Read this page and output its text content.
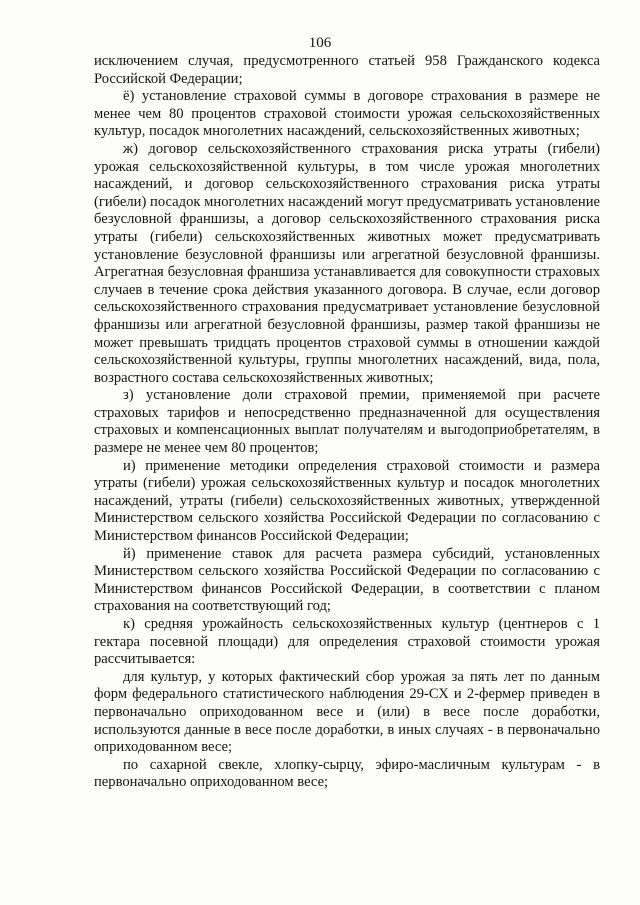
106

исключением случая, предусмотренного статьей 958 Гражданского кодекса Российской Федерации;

ё) установление страховой суммы в договоре страхования в размере не менее чем 80 процентов страховой стоимости урожая сельскохозяйственных культур, посадок многолетних насаждений, сельскохозяйственных животных;

ж) договор сельскохозяйственного страхования риска утраты (гибели) урожая сельскохозяйственной культуры, в том числе урожая многолетних насаждений, и договор сельскохозяйственного страхования риска утраты (гибели) посадок многолетних насаждений могут предусматривать установление безусловной франшизы, а договор сельскохозяйственного страхования риска утраты (гибели) сельскохозяйственных животных может предусматривать установление безусловной франшизы или агрегатной безусловной франшизы. Агрегатная безусловная франшиза устанавливается для совокупности страховых случаев в течение срока действия указанного договора. В случае, если договор сельскохозяйственного страхования предусматривает установление безусловной франшизы или агрегатной безусловной франшизы, размер такой франшизы не может превышать тридцать процентов страховой суммы в отношении каждой сельскохозяйственной культуры, группы многолетних насаждений, вида, пола, возрастного состава сельскохозяйственных животных;

з) установление доли страховой премии, применяемой при расчете страховых тарифов и непосредственно предназначенной для осуществления страховых и компенсационных выплат получателям и выгодоприобретателям, в размере не менее чем 80 процентов;

и) применение методики определения страховой стоимости и размера утраты (гибели) урожая сельскохозяйственных культур и посадок многолетних насаждений, утраты (гибели) сельскохозяйственных животных, утвержденной Министерством сельского хозяйства Российской Федерации по согласованию с Министерством финансов Российской Федерации;

й) применение ставок для расчета размера субсидий, установленных Министерством сельского хозяйства Российской Федерации по согласованию с Министерством финансов Российской Федерации, в соответствии с планом страхования на соответствующий год;

к) средняя урожайность сельскохозяйственных культур (центнеров с 1 гектара посевной площади) для определения страховой стоимости урожая рассчитывается:

для культур, у которых фактический сбор урожая за пять лет по данным форм федерального статистического наблюдения 29-СХ и 2-фермер приведен в первоначально оприходованном весе и (или) в весе после доработки, используются данные в весе после доработки, в иных случаях - в первоначально оприходованном весе;

по сахарной свекле, хлопку-сырцу, эфиро-масличным культурам - в первоначально оприходованном весе;
